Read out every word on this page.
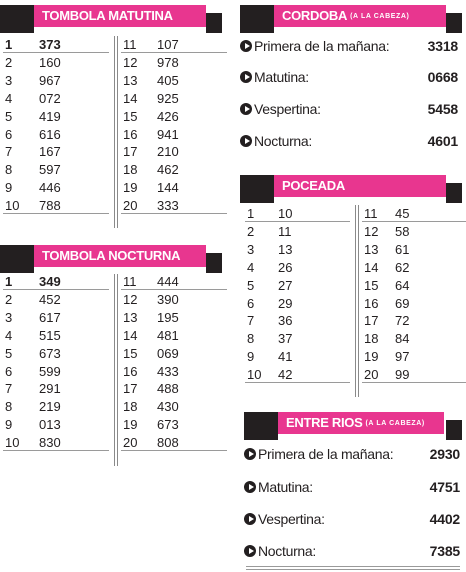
TOMBOLA MATUTINA
TOMBOLA NOCTURNA
CORDOBA $^{(A LA CABEZA)}$
Primera de la mañana:	3318
Matutina:	0668
Vespertina:	5458
Nocturna:	4601
POCEADA
ENTRE RIOS $^{(A LA CABEZA)}$
Primera de la mañana:	2930
Matutina:	4751
Vespertina:	4402
Nocturna:	7385
1 373
2 160
3 967
4 072
5 419
6 616
7 167
8 597
9 446
10 788
11 107
12 978
13 405
14 925
15 426
16 941
17 210
18 462
19 144
20 333
1 349
2 452
3 617
4 515
5 673
6 599
7 291
8 219
9 013
10 830
11 444
12 390
13 195
14 481
15 069
16 433
17 488
18 430
19 673
20 808
1 10
2 11
3 13
4 26
5 27
6 29
7 36
8 37
9 41
10 42
11 45
12 58
13 61
14 62
15 64
16 69
17 72
18 84
19 97
20 99
